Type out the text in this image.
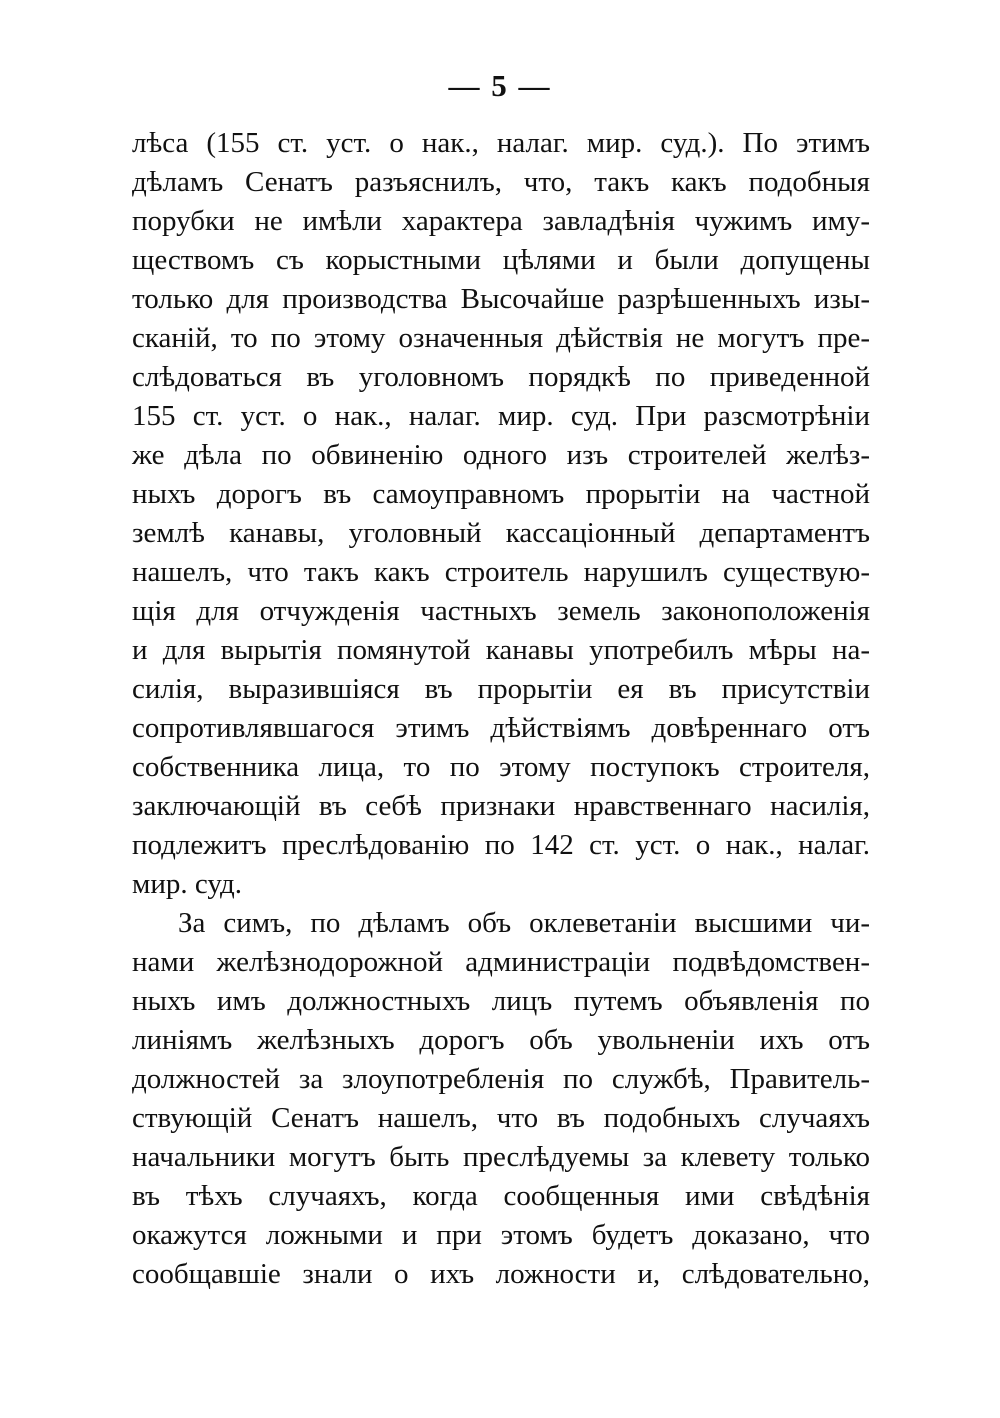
— 5 —
лѣса (155 ст. уст. о нак., налаг. мир. суд.). По этимъ
дѣламъ Сенатъ разъяснилъ, что, такъ какъ подобныя
порубки не имѣли характера завладѣнія чужимъ иму-
ществомъ съ корыстными цѣлями и были допущены
только для производства Высочайше разрѣшенныхъ изы-
сканій, то по этому означенныя дѣйствія не могутъ пре-
слѣдоваться въ уголовномъ порядкѣ по приведенной
155 ст. уст. о нак., налаг. мир. суд. При разсмотрѣніи
же дѣла по обвиненію одного изъ строителей желѣз-
ныхъ дорогъ въ самоуправномъ прорытіи на частной
землѣ канавы, уголовный кассаціонный департаментъ
нашелъ, что такъ какъ строитель нарушилъ существую-
щія для отчужденія частныхъ земель законоположенія
и для вырытія помянутой канавы употребилъ мѣры на-
силія, выразившіяся въ прорытіи ея въ присутствіи
сопротивлявшагося этимъ дѣйствіямъ довѣреннаго отъ
собственника лица, то по этому поступокъ строителя,
заключающій въ себѣ признаки нравственнаго насилія,
подлежитъ преслѣдованію по 142 ст. уст. о нак., налаг.
мир. суд.
За симъ, по дѣламъ объ оклеветаніи высшими чи-
нами желѣзнодорожной администраціи подвѣдомствен-
ныхъ имъ должностныхъ лицъ путемъ объявленія по
линіямъ желѣзныхъ дорогъ объ увольненіи ихъ отъ
должностей за злоупотребленія по службѣ, Правитель-
ствующій Сенатъ нашелъ, что въ подобныхъ случаяхъ
начальники могутъ быть преслѣдуемы за клевету только
въ тѣхъ случаяхъ, когда сообщенныя ими свѣдѣнія
окажутся ложными и при этомъ будетъ доказано, что
сообщавшіе знали о ихъ ложности и, слѣдовательно,
